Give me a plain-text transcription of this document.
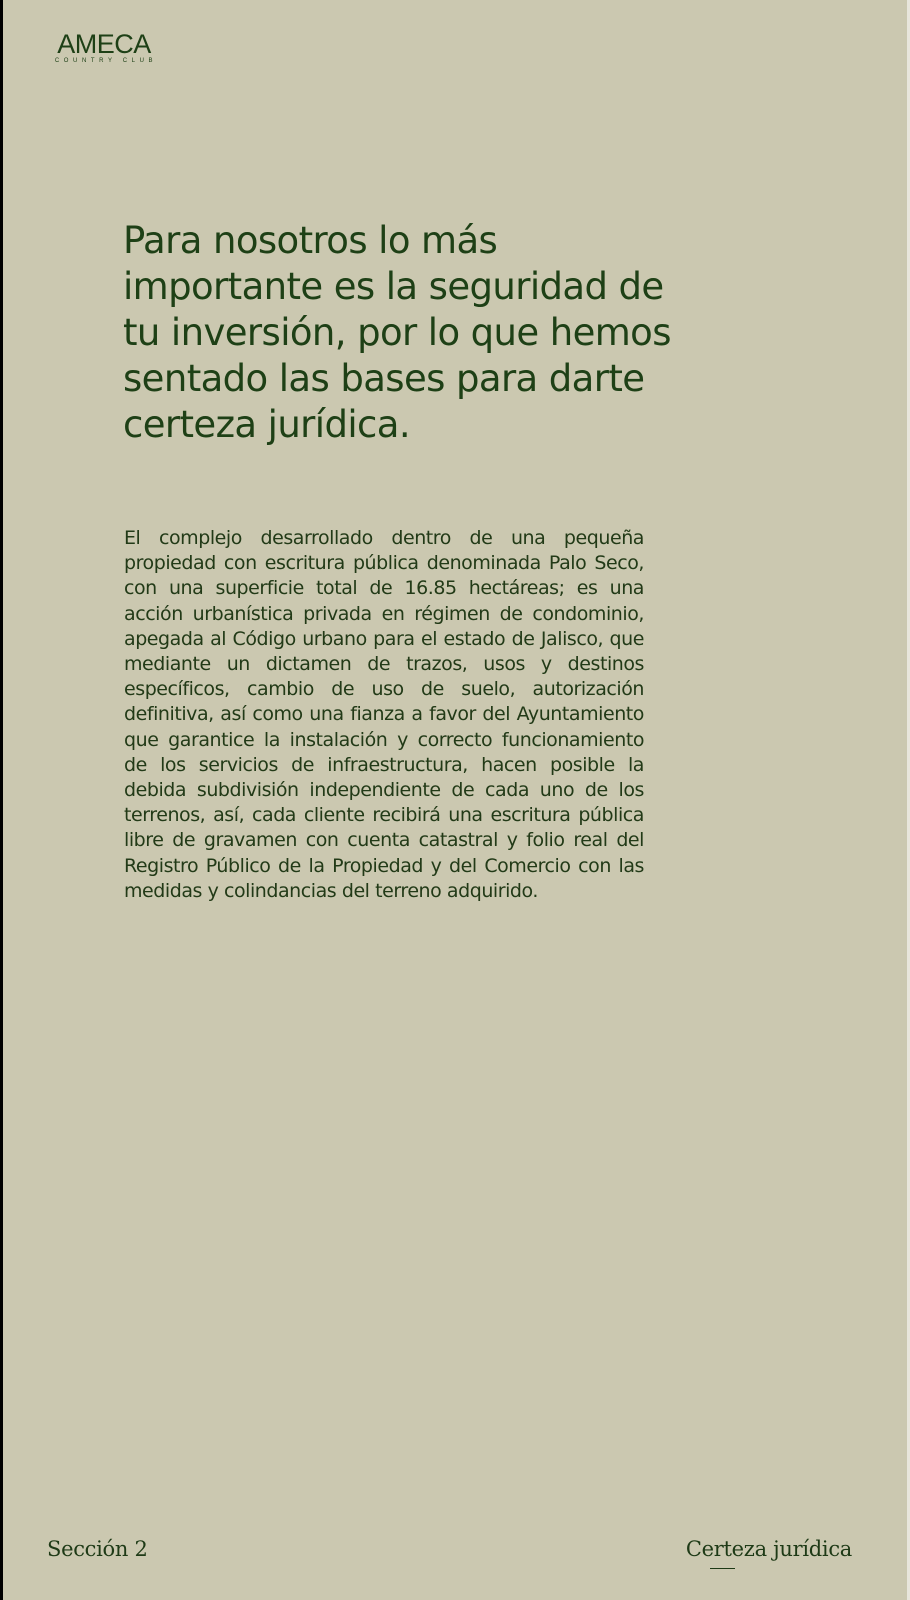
AMECA
COUNTRY CLUB
Para nosotros lo más importante es la seguridad de tu inversión, por lo que hemos sentado las bases para darte certeza jurídica.

El complejo desarrollado dentro de una pequeña propiedad con escritura pública denominada Palo Seco, con una superficie total de 16.85 hectáreas; es una acción urbanística privada en régimen de condominio, apegada al Código urbano para el estado de Jalisco, que mediante un dictamen de trazos, usos y destinos específicos, cambio de uso de suelo, autorización definitiva, así como una fianza a favor del Ayuntamiento que garantice la instalación y correcto funcionamiento de los servicios de infraestructura, hacen posible la debida subdivisión independiente de cada uno de los terrenos, así, cada cliente recibirá una escritura pública libre de gravamen con cuenta catastral y folio real del Registro Público de la Propiedad y del Comercio con las medidas y colindancias del terreno adquirido.

Sección 2	Certeza jurídica
